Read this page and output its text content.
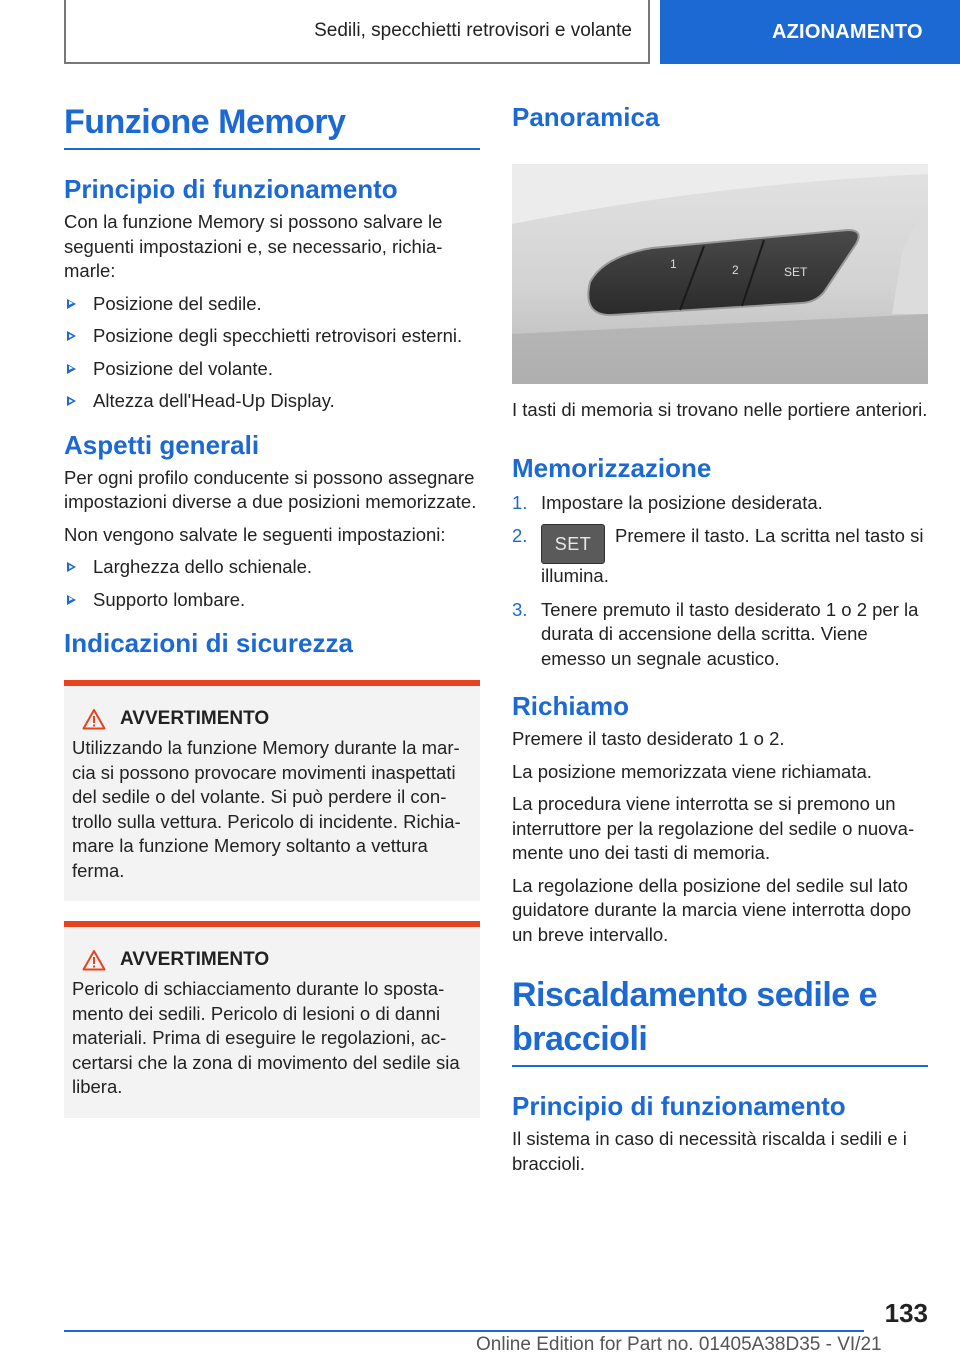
Sedili, specchietti retrovisori e volante	AZIONAMENTO
Funzione Memory
Principio di funzionamento

Con la funzione Memory si possono salvare le seguenti impostazioni e, se necessario, richiamarle:

Posizione del sedile.
Posizione degli specchietti retrovisori esterni.
Posizione del volante.
Altezza dell'Head-Up Display.
Aspetti generali

Per ogni profilo conducente si possono assegnare impostazioni diverse a due posizioni memorizzate.

Non vengono salvate le seguenti impostazioni:

Larghezza dello schienale.
Supporto lombare.
Indicazioni di sicurezza
AVVERTIMENTO

Utilizzando la funzione Memory durante la marcia si possono provocare movimenti inaspettati del sedile o del volante. Si può perdere il controllo sulla vettura. Pericolo di incidente. Richiamare la funzione Memory soltanto a vettura ferma.

AVVERTIMENTO

Pericolo di schiacciamento durante lo spostamento dei sedili. Pericolo di lesioni o di danni materiali. Prima di eseguire le regolazioni, accertarsi che la zona di movimento del sedile sia libera.

Panoramica
1	2	SET

I tasti di memoria si trovano nelle portiere anteriori.

Memorizzazione
1. Impostare la posizione desiderata.
2. SET Premere il tasto. La scritta nel tasto si illumina.
3. Tenere premuto il tasto desiderato 1 o 2 per la durata di accensione della scritta. Viene emesso un segnale acustico.
Richiamo

Premere il tasto desiderato 1 o 2.

La posizione memorizzata viene richiamata.

La procedura viene interrotta se si premono un interruttore per la regolazione del sedile o nuovamente uno dei tasti di memoria.

La regolazione della posizione del sedile sul lato guidatore durante la marcia viene interrotta dopo un breve intervallo.

Riscaldamento sedile e braccioli
Principio di funzionamento

Il sistema in caso di necessità riscalda i sedili e i braccioli.

133
Online Edition for Part no. 01405A38D35 - VI/21
